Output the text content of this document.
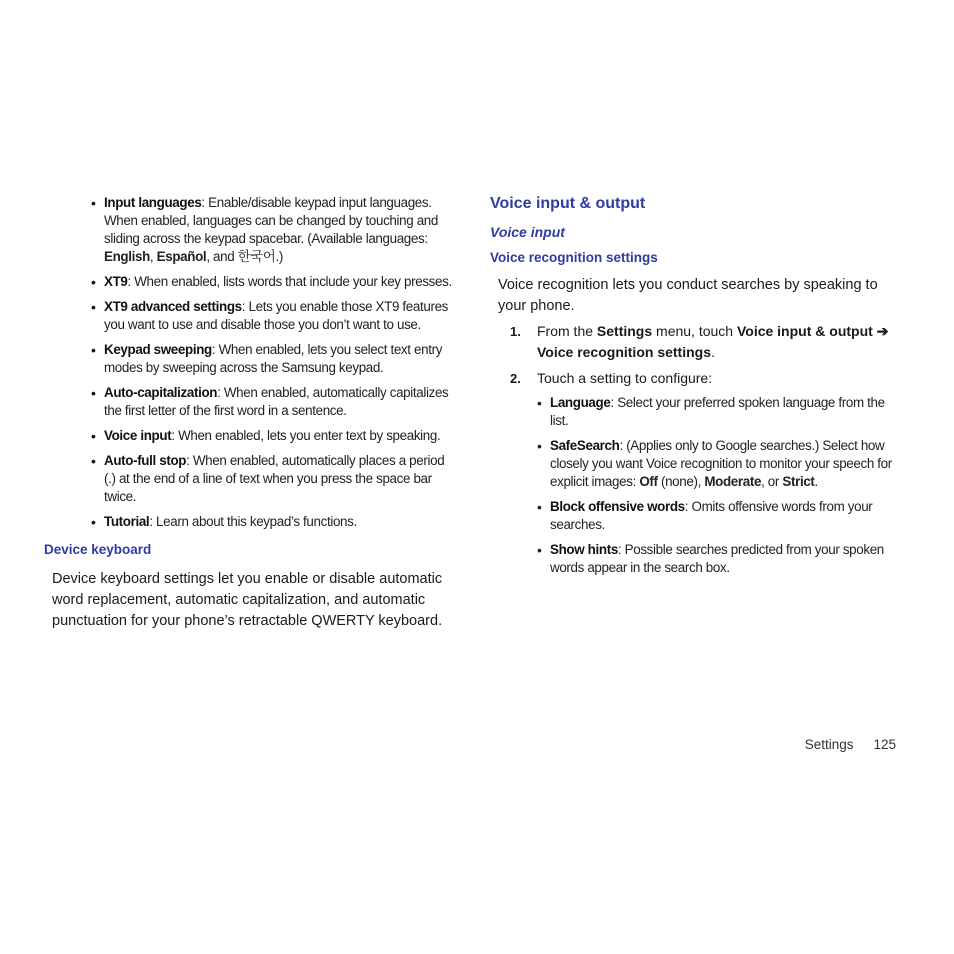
• Input languages: Enable/disable keypad input languages. When enabled, languages can be changed by touching and sliding across the keypad spacebar. (Available languages: English, Español, and 한국어.)
• XT9: When enabled, lists words that include your key presses.
• XT9 advanced settings: Lets you enable those XT9 features you want to use and disable those you don’t want to use.
• Keypad sweeping: When enabled, lets you select text entry modes by sweeping across the Samsung keypad.
• Auto-capitalization: When enabled, automatically capitalizes the first letter of the first word in a sentence.
• Voice input: When enabled, lets you enter text by speaking.
• Auto-full stop: When enabled, automatically places a period (.) at the end of a line of text when you press the space bar twice.
• Tutorial: Learn about this keypad’s functions.
Device keyboard

Device keyboard settings let you enable or disable automatic word replacement, automatic capitalization, and automatic punctuation for your phone’s retractable QWERTY keyboard.

Voice input & output
Voice input
Voice recognition settings

Voice recognition lets you conduct searches by speaking to your phone.

1. From the Settings menu, touch Voice input & output ➔ Voice recognition settings.
2. Touch a setting to configure:
• Language: Select your preferred spoken language from the list.
• SafeSearch: (Applies only to Google searches.) Select how closely you want Voice recognition to monitor your speech for explicit images: Off (none), Moderate, or Strict.
• Block offensive words: Omits offensive words from your searches.
• Show hints: Possible searches predicted from your spoken words appear in the search box.
Settings 125
